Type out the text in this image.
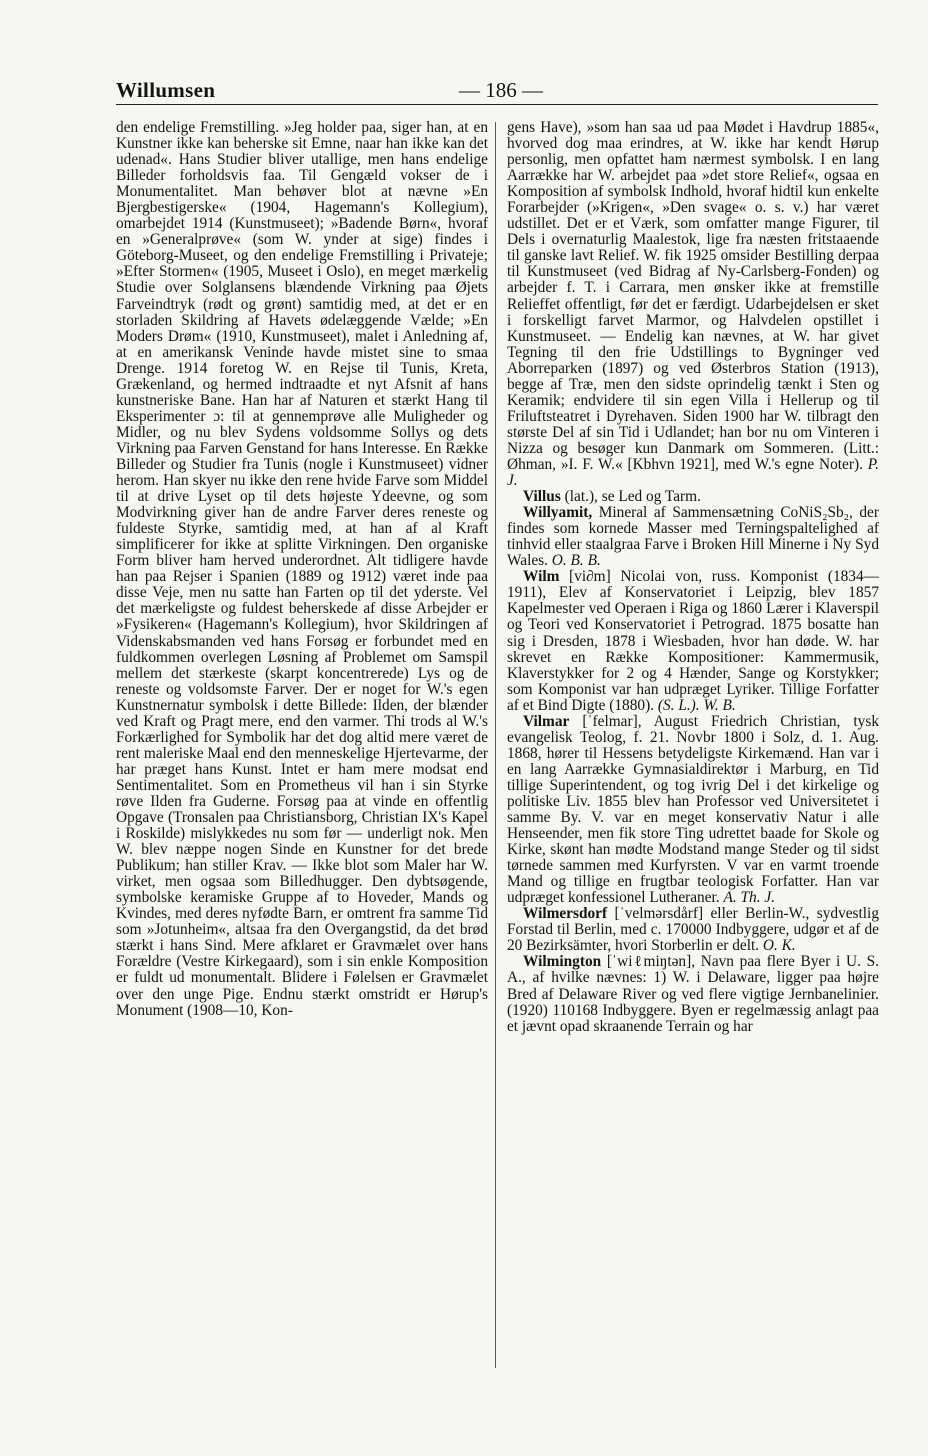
Willumsen	— 186 —

den endelige Fremstilling. »Jeg holder paa, siger han, at en Kunstner ikke kan beherske sit Emne, naar han ikke kan det udenad«. Hans Studier bliver utallige, men hans endelige Billeder forholdsvis faa. Til Gengæld vokser de i Monumentalitet. Man behøver blot at nævne »En Bjergbestigerske« (1904, Hagemann's Kollegium), omarbejdet 1914 (Kunstmuseet); »Badende Børn«, hvoraf en »Generalprøve« (som W. ynder at sige) findes i Göteborg-Museet, og den endelige Fremstilling i Privateje; »Efter Stormen« (1905, Museet i Oslo), en meget mærkelig Studie over Solglansens blændende Virkning paa Øjets Farveindtryk (rødt og grønt) samtidig med, at det er en storladen Skildring af Havets ødelæggende Vælde; »En Moders Drøm« (1910, Kunstmuseet), malet i Anledning af, at en amerikansk Veninde havde mistet sine to smaa Drenge. 1914 foretog W. en Rejse til Tunis, Kreta, Grækenland, og hermed indtraadte et nyt Afsnit af hans kunstneriske Bane. Han har af Naturen et stærkt Hang til Eksperimenter ɔ: til at gennemprøve alle Muligheder og Midler, og nu blev Sydens voldsomme Sollys og dets Virkning paa Farven Genstand for hans Interesse. En Række Billeder og Studier fra Tunis (nogle i Kunstmuseet) vidner herom. Han skyer nu ikke den rene hvide Farve som Middel til at drive Lyset op til dets højeste Ydeevne, og som Modvirkning giver han de andre Farver deres reneste og fuldeste Styrke, samtidig med, at han af al Kraft simplificerer for ikke at splitte Virkningen. Den organiske Form bliver ham herved underordnet. Alt tidligere havde han paa Rejser i Spanien (1889 og 1912) været inde paa disse Veje, men nu satte han Farten op til det yderste. Vel det mærkeligste og fuldest beherskede af disse Arbejder er »Fysikeren« (Hagemann's Kollegium), hvor Skildringen af Videnskabsmanden ved hans Forsøg er forbundet med en fuldkommen overlegen Løsning af Problemet om Samspil mellem det stærkeste (skarpt koncentrerede) Lys og de reneste og voldsomste Farver. Der er noget for W.'s egen Kunstnernatur symbolsk i dette Billede: Ilden, der blænder ved Kraft og Pragt mere, end den varmer. Thi trods al W.'s Forkærlighed for Symbolik har det dog altid mere været de rent maleriske Maal end den menneskelige Hjertevarme, der har præget hans Kunst. Intet er ham mere modsat end Sentimentalitet. Som en Prometheus vil han i sin Styrke røve Ilden fra Guderne. Forsøg paa at vinde en offentlig Opgave (Tronsalen paa Christiansborg, Christian IX's Kapel i Roskilde) mislykkedes nu som før — underligt nok. Men W. blev næppe nogen Sinde en Kunstner for det brede Publikum; han stiller Krav. — Ikke blot som Maler har W. virket, men ogsaa som Billedhugger. Den dybtsøgende, symbolske keramiske Gruppe af to Hoveder, Mands og Kvindes, med deres nyfødte Barn, er omtrent fra samme Tid som »Jotunheim«, altsaa fra den Overgangstid, da det brød stærkt i hans Sind. Mere afklaret er Gravmælet over hans Forældre (Vestre Kirkegaard), som i sin enkle Komposition er fuldt ud monumentalt. Blidere i Følelsen er Gravmælet over den unge Pige. Endnu stærkt omstridt er Hørup's Monument (1908—10, Kon-

gens Have), »som han saa ud paa Mødet i Havdrup 1885«, hvorved dog maa erindres, at W. ikke har kendt Hørup personlig, men opfattet ham nærmest symbolsk. I en lang Aarrække har W. arbejdet paa »det store Relief«, ogsaa en Komposition af symbolsk Indhold, hvoraf hidtil kun enkelte Forarbejder (»Krigen«, »Den svage« o. s. v.) har været udstillet. Det er et Værk, som omfatter mange Figurer, til Dels i overnaturlig Maalestok, lige fra næsten fritstaaende til ganske lavt Relief. W. fik 1925 omsider Bestilling derpaa til Kunstmuseet (ved Bidrag af Ny-Carlsberg-Fonden) og arbejder f. T. i Carrara, men ønsker ikke at fremstille Relieffet offentligt, før det er færdigt. Udarbejdelsen er sket i forskelligt farvet Marmor, og Halvdelen opstillet i Kunstmuseet. — Endelig kan nævnes, at W. har givet Tegning til den frie Udstillings to Bygninger ved Aborreparken (1897) og ved Østerbros Station (1913), begge af Træ, men den sidste oprindelig tænkt i Sten og Keramik; endvidere til sin egen Villa i Hellerup og til Friluftsteatret i Dyrehaven. Siden 1900 har W. tilbragt den største Del af sin Tid i Udlandet; han bor nu om Vinteren i Nizza og besøger kun Danmark om Sommeren. (Litt.: Øhman, »I. F. W.« [Kbhvn 1921], med W.'s egne Noter). P. J.

Villus (lat.), se Led og Tarm.

Willyamit, Mineral af Sammensætning CoNiS₂Sb₂, der findes som kornede Masser med Terningspaltelighed af tinhvid eller staalgraa Farve i Broken Hill Minerne i Ny Syd Wales. O. B. B.

Wilm [vi∂m] Nicolai von, russ. Komponist (1834—1911), Elev af Konservatoriet i Leipzig, blev 1857 Kapelmester ved Operaen i Riga og 1860 Lærer i Klaverspil og Teori ved Konservatoriet i Petrograd. 1875 bosatte han sig i Dresden, 1878 i Wiesbaden, hvor han døde. W. har skrevet en Række Kompositioner: Kammermusik, Klaverstykker for 2 og 4 Hænder, Sange og Korstykker; som Komponist var han udpræget Lyriker. Tillige Forfatter af et Bind Digte (1880). (S. L.). W. B.

Vilmar [ˈfelmar], August Friedrich Christian, tysk evangelisk Teolog, f. 21. Novbr 1800 i Solz, d. 1. Aug. 1868, hører til Hessens betydeligste Kirkemænd. Han var i en lang Aarrække Gymnasialdirektør i Marburg, en Tid tillige Superintendent, og tog ivrig Del i det kirkelige og politiske Liv. 1855 blev han Professor ved Universitetet i samme By. V. var en meget konservativ Natur i alle Henseender, men fik store Ting udrettet baade for Skole og Kirke, skønt han mødte Modstand mange Steder og til sidst tørnede sammen med Kurfyrsten. V var en varmt troende Mand og tillige en frugtbar teologisk Forfatter. Han var udpræget konfessionel Lutheraner. A. Th. J.

Wilmersdorf [ˈvelmərsdårf] eller Berlin-W., sydvestlig Forstad til Berlin, med c. 170000 Indbyggere, udgør et af de 20 Bezirksämter, hvori Storberlin er delt. O. K.

Wilmington [ˈwiℓmiŋtən], Navn paa flere Byer i U. S. A., af hvilke nævnes: 1) W. i Delaware, ligger paa højre Bred af Delaware River og ved flere vigtige Jernbanelinier. (1920) 110168 Indbyggere. Byen er regelmæssig anlagt paa et jævnt opad skraanende Terrain og har
